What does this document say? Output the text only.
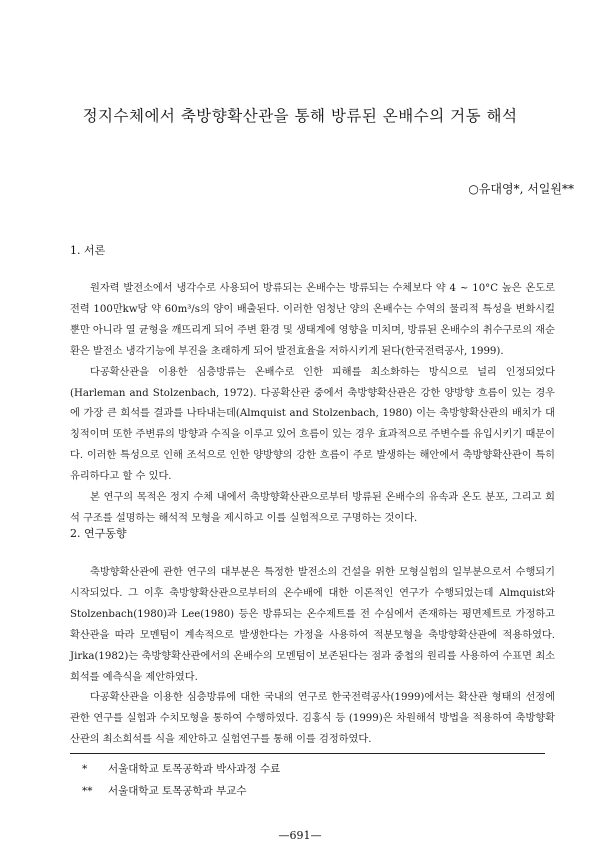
정지수체에서 축방향확산관을 통해 방류된 온배수의 거동 해석
○유대영*, 서일원**
1. 서론

원자력 발전소에서 냉각수로 사용되어 방류되는 온배수는 방류되는 수체보다 약 4 ~ 10°C 높은 온도로 전력 100만kw당 약 60m³/s의 양이 배출된다. 이러한 엄청난 양의 온배수는 수역의 물리적 특성을 변화시킬 뿐만 아니라 열 균형을 깨뜨리게 되어 주변 환경 및 생태계에 영향을 미치며, 방류된 온배수의 취수구로의 재순환은 발전소 냉각기능에 부진을 초래하게 되어 발전효율을 저하시키게 된다(한국전력공사, 1999).

다공확산관을 이용한 심층방류는 온배수로 인한 피해를 최소화하는 방식으로 널리 인정되었다(Harleman and Stolzenbach, 1972). 다공확산관 중에서 축방향확산관은 강한 양방향 흐름이 있는 경우에 가장 큰 희석를 결과를 나타내는데(Almquist and Stolzenbach, 1980) 이는 축방향확산관의 배치가 대칭적이며 또한 주변류의 방향과 수직을 이루고 있어 흐름이 있는 경우 효과적으로 주변수를 유입시키기 때문이다. 이러한 특성으로 인해 조석으로 인한 양방향의 강한 흐름이 주로 발생하는 해안에서 축방향확산관이 특히 유리하다고 할 수 있다.

본 연구의 목적은 정지 수체 내에서 축방향확산관으로부터 방류된 온배수의 유속과 온도 분포, 그리고 희석 구조를 설명하는 해석적 모형을 제시하고 이를 실험적으로 구명하는 것이다.

2. 연구동향

축방향확산관에 관한 연구의 대부분은 특정한 발전소의 건설을 위한 모형실험의 일부분으로서 수행되기 시작되었다. 그 이후 축방향확산관으로부터의 온수배에 대한 이론적인 연구가 수행되었는데 Almquist와 Stolzenbach(1980)과 Lee(1980) 등은 방류되는 온수제트를 전 수심에서 존재하는 평면제트로 가정하고 확산관을 따라 모멘텀이 계속적으로 발생한다는 가정을 사용하여 적분모형을 축방향확산관에 적용하였다. Jirka(1982)는 축방향확산관에서의 온배수의 모멘텀이 보존된다는 점과 중첩의 원리를 사용하여 수표면 최소희석를 예측식을 제안하였다.

다공확산관을 이용한 심층방류에 대한 국내의 연구로 한국전력공사(1999)에서는 확산관 형태의 선정에 관한 연구를 실험과 수치모형을 통하여 수행하였다. 김홍식 등 (1999)은 차원해석 방법을 적용하여 축방향확산관의 최소희석를 식을 제안하고 실험연구를 통해 이를 검정하였다.

* 서울대학교 토목공학과 박사과정 수료
** 서울대학교 토목공학과 부교수
—691—
